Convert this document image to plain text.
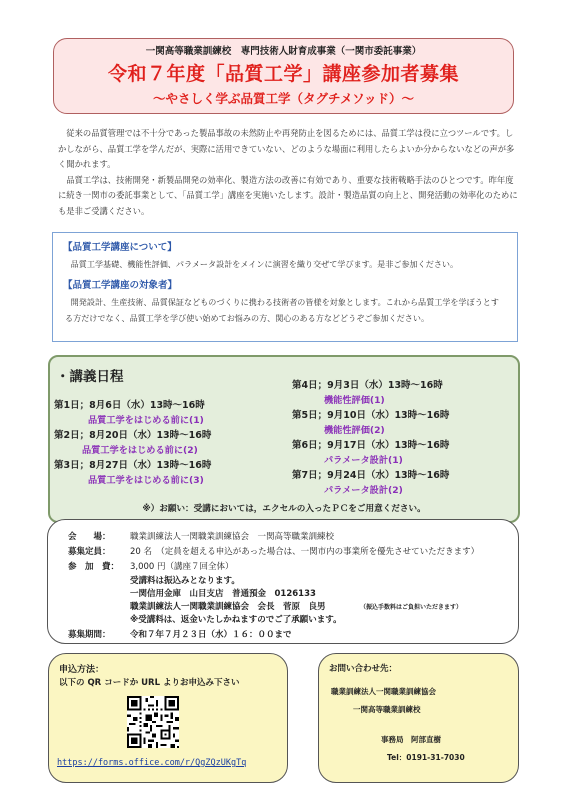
一関高等職業訓練校　専門技術人財育成事業（一関市委託事業）
令和７年度「品質工学」講座参加者募集
～やさしく学ぶ品質工学（タグチメソッド）～

従来の品質管理では不十分であった製品事故の未然防止や再発防止を図るためには、品質工学は役に立つツールです。しかしながら、品質工学を学んだが、実際に活用できていない、どのような場面に利用したらよいか分からないなどの声が多く聞かれます。

品質工学は、技術開発・新製品開発の効率化、製造方法の改善に有効であり、重要な技術戦略手法のひとつです。昨年度に続き一関市の委託事業として、「品質工学」講座を実施いたします。設計・製造品質の向上と、開発活動の効率化のためにも是非ご受講ください。

【品質工学講座について】

品質工学基礎、機能性評価、パラメータ設計をメインに演習を織り交ぜて学びます。是非ご参加ください。

【品質工学講座の対象者】

開発設計、生産技術、品質保証などものづくりに携わる技術者の皆様を対象とします。これから品質工学を学ぼうとする方だけでなく、品質工学を学び使い始めてお悩みの方、関心のある方などどうぞご参加ください。

・講義日程
第1日；8月6日（水）13時～16時
品質工学をはじめる前に(1)
第2日；8月20日（水）13時～16時
品質工学をはじめる前に(2)
第3日；8月27日（水）13時～16時
品質工学をはじめる前に(3)
第4日；9月3日（水）13時～16時
機能性評価(1)
第5日；9月10日（水）13時～16時
機能性評価(2)
第6日；9月17日（水）13時～16時
パラメータ設計(1)
第7日；9月24日（水）13時～16時
パラメータ設計(2)
※）お願い：受講においては，エクセルの入ったＰＣをご用意ください。
会　　場： 職業訓練法人一関職業訓練協会　一関高等職業訓練校
募集定員： 20 名　（定員を超える申込があった場合は、一関市内の事業所を優先させていただきます）
参　加　費： 3,000 円（講座７回全体）
受講料は振込みとなります。
一関信用金庫　山目支店　普通預金　0126133
職業訓練法人一関職業訓練協会　会長　菅原　良男	（振込手数料はご負担いただきます）
※受講料は、返金いたしかねますのでご了承願います。
募集期間： 令和７年７月２３日（水）１６：００まで
申込方法：
以下の QR コードか URL よりお申込み下さい
https://forms.office.com/r/QgZQzUKgTq
お問い合わせ先：
職業訓練法人一関職業訓練協会
一関高等職業訓練校
事務局　阿部直樹
Tel：0191-31-7030
